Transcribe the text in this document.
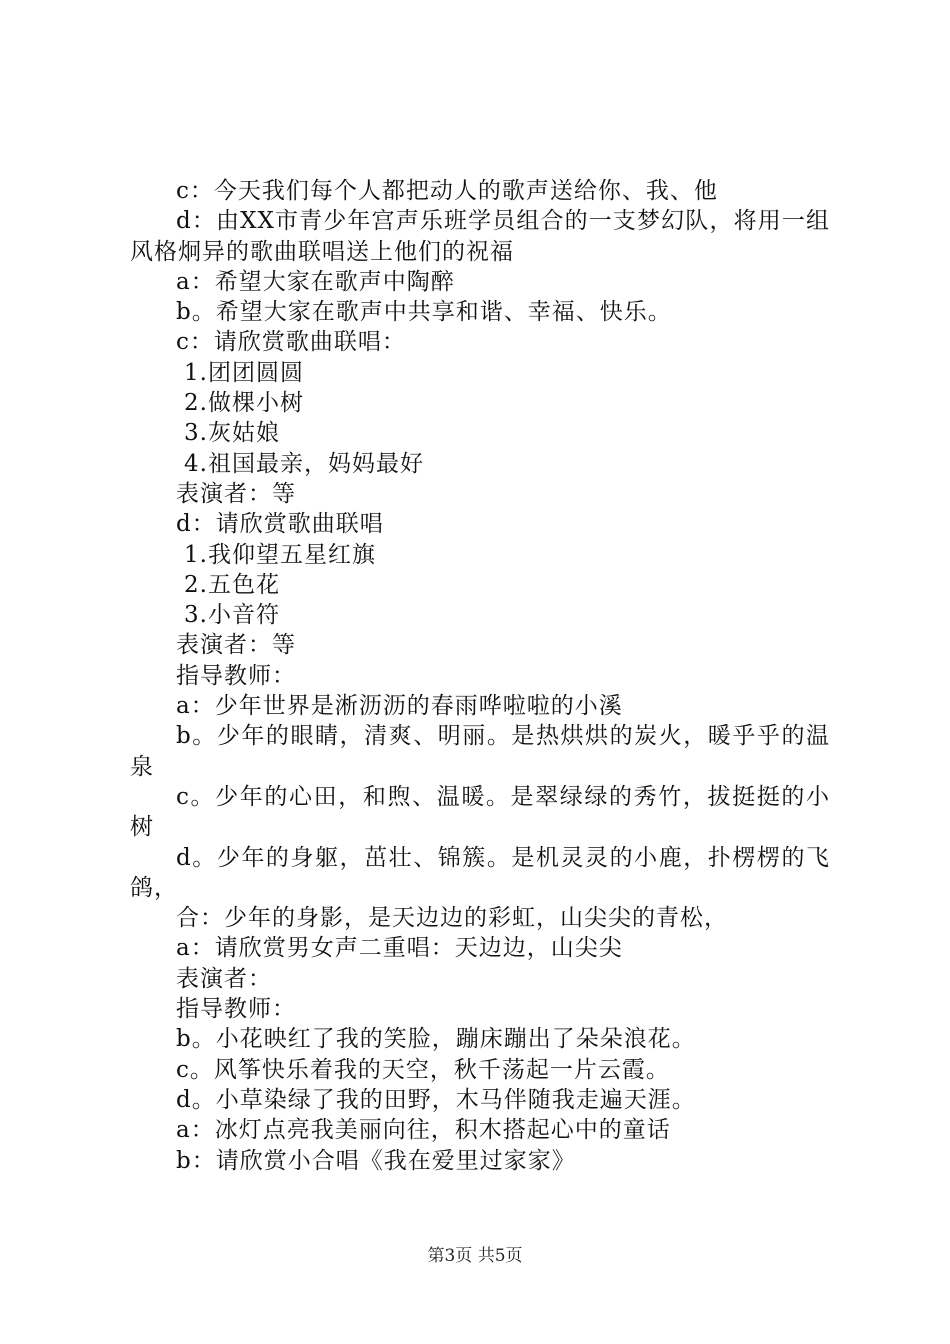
c：今天我们每个人都把动人的歌声送给你、我、他
d：由XX市青少年宫声乐班学员组合的一支梦幻队，将用一组风格炯异的歌曲联唱送上他们的祝福
a：希望大家在歌声中陶醉
b。希望大家在歌声中共享和谐、幸福、快乐。
c：请欣赏歌曲联唱：
1.团团圆圆
2.做棵小树
3.灰姑娘
4.祖国最亲，妈妈最好
表演者：等
d：请欣赏歌曲联唱
1.我仰望五星红旗
2.五色花
3.小音符
表演者：等
指导教师：
a：少年世界是淅沥沥的春雨哗啦啦的小溪
b。少年的眼睛，清爽、明丽。是热烘烘的炭火，暖乎乎的温泉
c。少年的心田，和煦、温暖。是翠绿绿的秀竹，拔挺挺的小树
d。少年的身躯，茁壮、锦簇。是机灵灵的小鹿，扑楞楞的飞鸽，
合：少年的身影，是天边边的彩虹，山尖尖的青松，
a：请欣赏男女声二重唱：天边边，山尖尖
表演者：
指导教师：
b。小花映红了我的笑脸，蹦床蹦出了朵朵浪花。
c。风筝快乐着我的天空，秋千荡起一片云霞。
d。小草染绿了我的田野，木马伴随我走遍天涯。
a：冰灯点亮我美丽向往，积木搭起心中的童话
b：请欣赏小合唱《我在爱里过家家》
第3页 共5页
